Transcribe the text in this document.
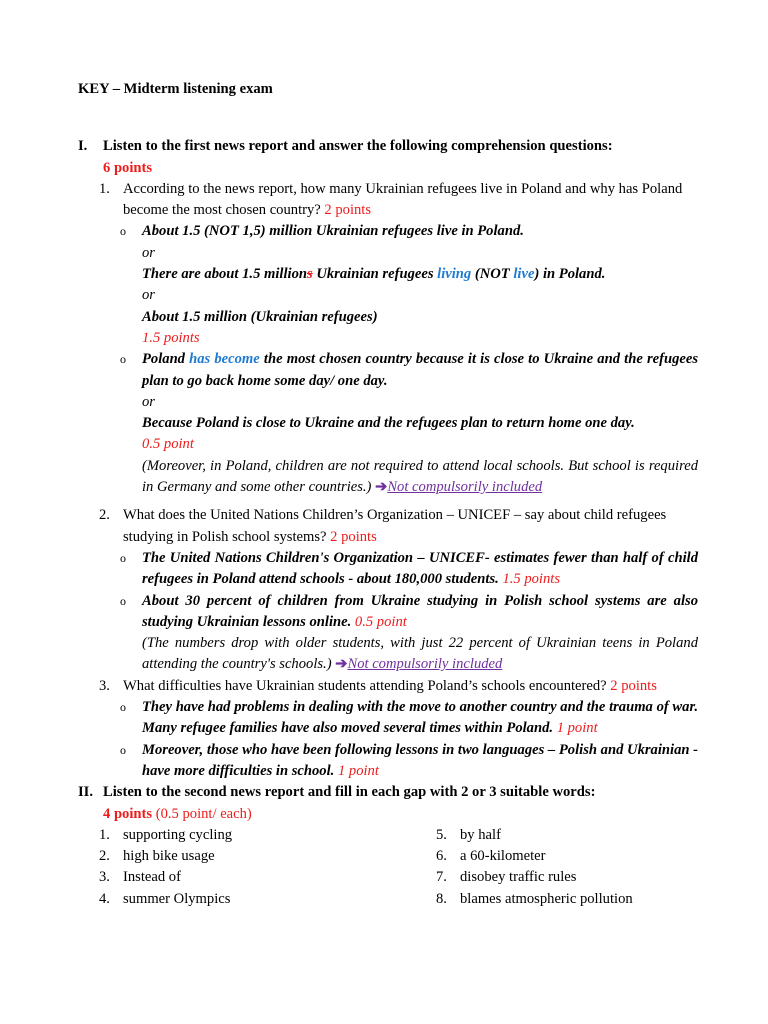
KEY – Midterm listening exam

I. Listen to the first news report and answer the following comprehension questions:
6 points
1. According to the news report, how many Ukrainian refugees live in Poland and why has Poland become the most chosen country? 2 points
o About 1.5 (NOT 1,5) million Ukrainian refugees live in Poland.
or
There are about 1.5 millions Ukrainian refugees living (NOT live) in Poland.
or
About 1.5 million (Ukrainian refugees)
1.5 points
o Poland has become the most chosen country because it is close to Ukraine and the refugees plan to go back home some day/ one day.
or
Because Poland is close to Ukraine and the refugees plan to return home one day.
0.5 point
(Moreover, in Poland, children are not required to attend local schools. But school is required in Germany and some other countries.) ➔Not compulsorily included
2. What does the United Nations Children’s Organization – UNICEF – say about child refugees studying in Polish school systems? 2 points
o The United Nations Children's Organization – UNICEF- estimates fewer than half of child refugees in Poland attend schools - about 180,000 students. 1.5 points
o About 30 percent of children from Ukraine studying in Polish school systems are also studying Ukrainian lessons online. 0.5 point
(The numbers drop with older students, with just 22 percent of Ukrainian teens in Poland attending the country's schools.) ➔Not compulsorily included
3. What difficulties have Ukrainian students attending Poland’s schools encountered? 2 points
o They have had problems in dealing with the move to another country and the trauma of war. Many refugee families have also moved several times within Poland. 1 point
o Moreover, those who have been following lessons in two languages – Polish and Ukrainian - have more difficulties in school. 1 point
II. Listen to the second news report and fill in each gap with 2 or 3 suitable words:
4 points (0.5 point/ each)
1. supporting cycling	5. by half
2. high bike usage	6. a 60-kilometer
3. Instead of	7. disobey traffic rules
4. summer Olympics	8. blames atmospheric pollution
